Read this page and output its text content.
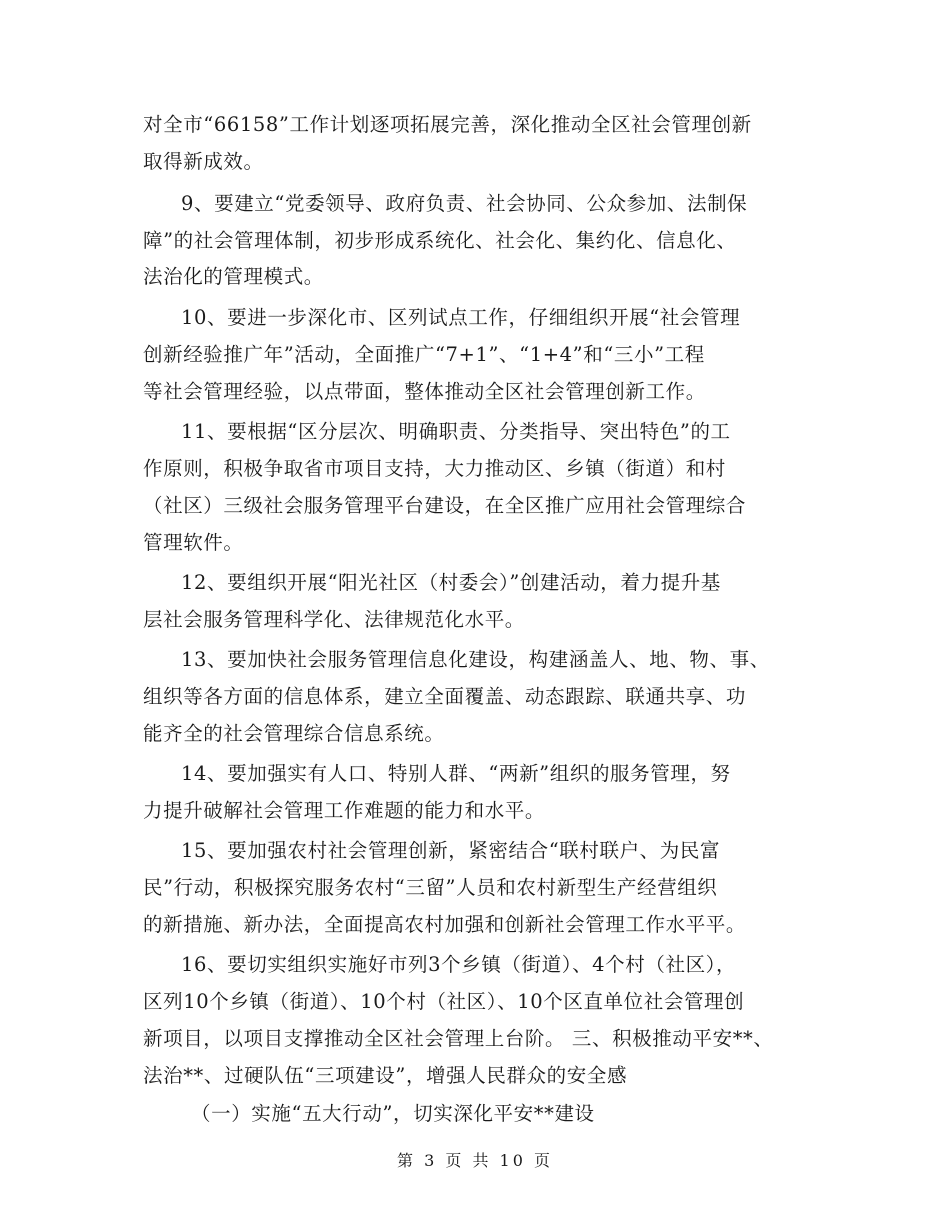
对全市“66158”工作计划逐项拓展完善，深化推动全区社会管理创新
取得新成效。
9、要建立“党委领导、政府负责、社会协同、公众参加、法制保
障”的社会管理体制，初步形成系统化、社会化、集约化、信息化、
法治化的管理模式。
10、要进一步深化市、区列试点工作，仔细组织开展“社会管理
创新经验推广年”活动，全面推广“7+1”、“1+4”和“三小”工程
等社会管理经验，以点带面，整体推动全区社会管理创新工作。
11、要根据“区分层次、明确职责、分类指导、突出特色”的工
作原则，积极争取省市项目支持，大力推动区、乡镇（街道）和村
（社区）三级社会服务管理平台建设，在全区推广应用社会管理综合
管理软件。
12、要组织开展“阳光社区（村委会）”创建活动，着力提升基
层社会服务管理科学化、法律规范化水平。
13、要加快社会服务管理信息化建设，构建涵盖人、地、物、事、
组织等各方面的信息体系，建立全面覆盖、动态跟踪、联通共享、功
能齐全的社会管理综合信息系统。
14、要加强实有人口、特别人群、“两新”组织的服务管理，努
力提升破解社会管理工作难题的能力和水平。
15、要加强农村社会管理创新，紧密结合“联村联户、为民富
民”行动，积极探究服务农村“三留”人员和农村新型生产经营组织
的新措施、新办法，全面提高农村加强和创新社会管理工作水平平。
16、要切实组织实施好市列3个乡镇（街道）、4个村（社区），
区列10个乡镇（街道）、10个村（社区）、10个区直单位社会管理创
新项目，以项目支撑推动全区社会管理上台阶。 三、积极推动平安**、
法治**、过硬队伍“三项建设”，增强人民群众的安全感
（一）实施“五大行动”，切实深化平安**建设
第 3 页 共 10 页
